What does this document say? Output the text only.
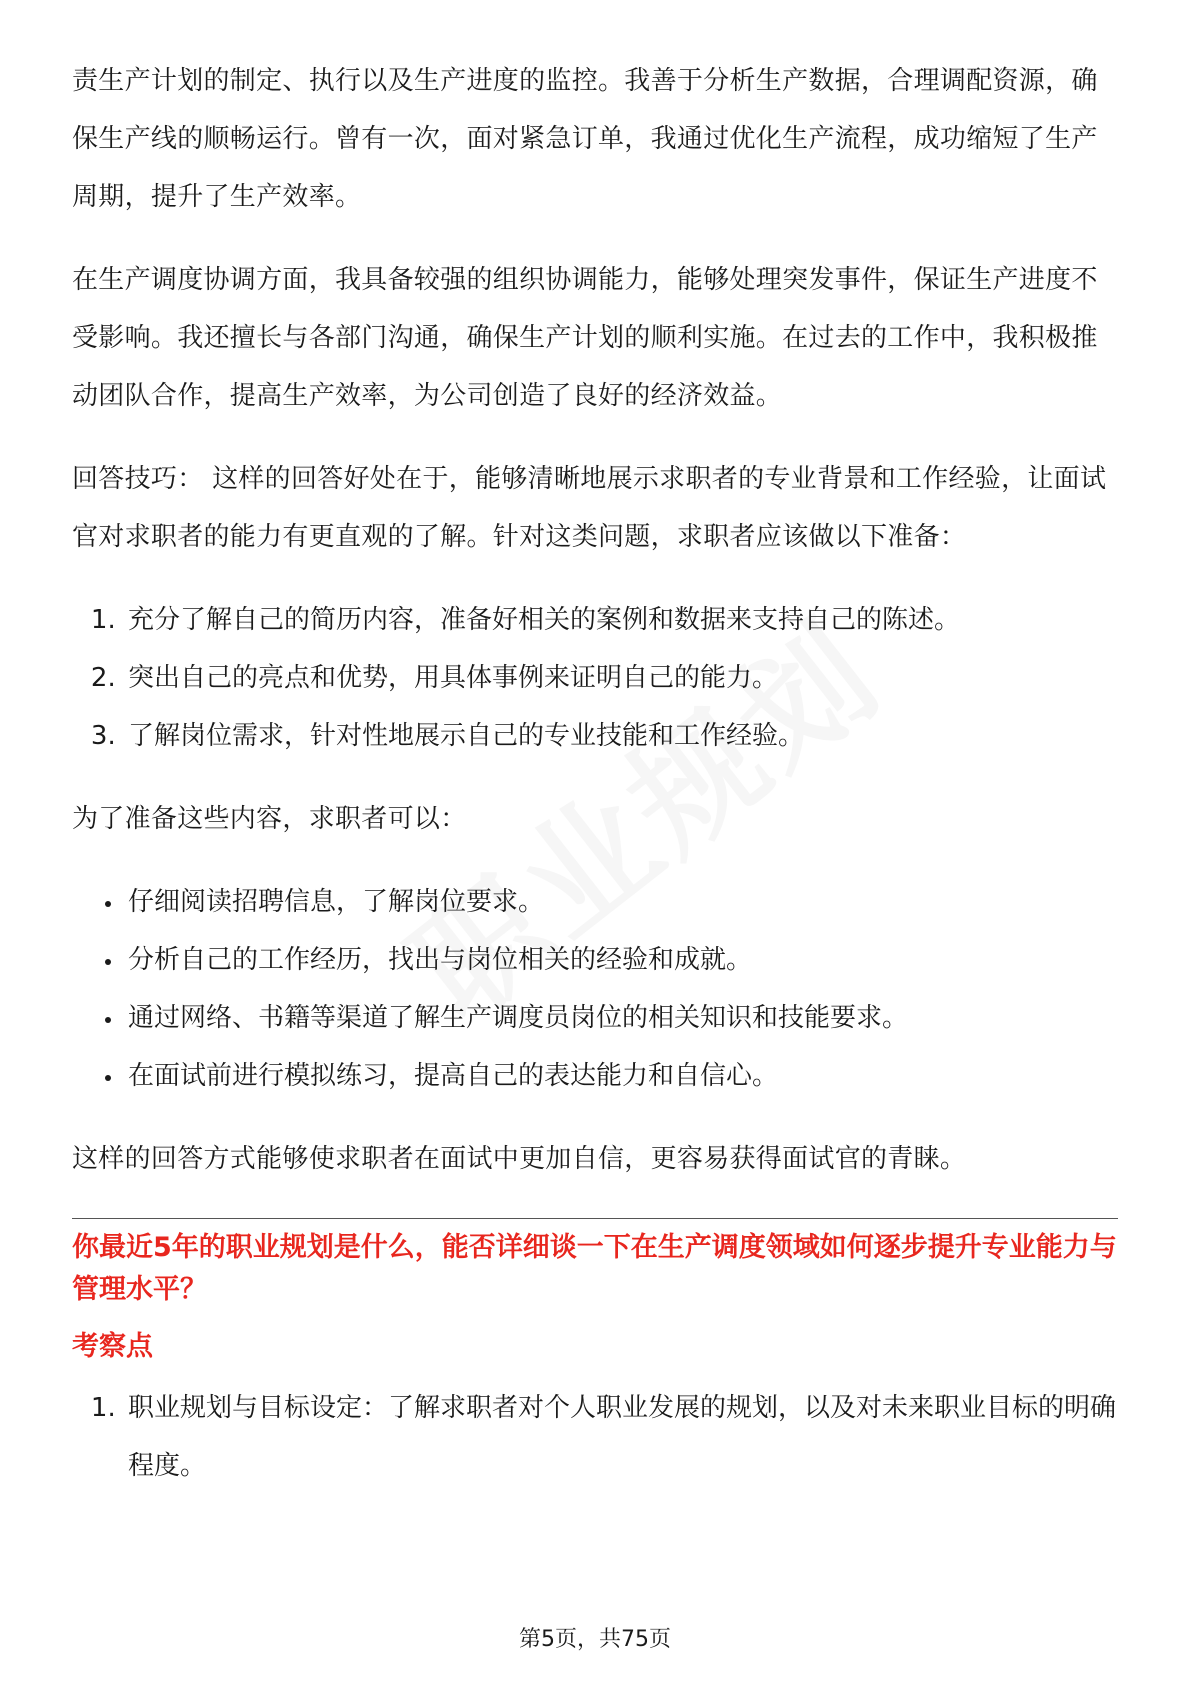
责生产计划的制定、执行以及生产进度的监控。我善于分析生产数据，合理调配资源，确保生产线的顺畅运行。曾有一次，面对紧急订单，我通过优化生产流程，成功缩短了生产周期，提升了生产效率。

在生产调度协调方面，我具备较强的组织协调能力，能够处理突发事件，保证生产进度不受影响。我还擅长与各部门沟通，确保生产计划的顺利实施。在过去的工作中，我积极推动团队合作，提高生产效率，为公司创造了良好的经济效益。

回答技巧： 这样的回答好处在于，能够清晰地展示求职者的专业背景和工作经验，让面试官对求职者的能力有更直观的了解。针对这类问题，求职者应该做以下准备：

1. 充分了解自己的简历内容，准备好相关的案例和数据来支持自己的陈述。
2. 突出自己的亮点和优势，用具体事例来证明自己的能力。
3. 了解岗位需求，针对性地展示自己的专业技能和工作经验。

为了准备这些内容，求职者可以：

• 仔细阅读招聘信息，了解岗位要求。
• 分析自己的工作经历，找出与岗位相关的经验和成就。
• 通过网络、书籍等渠道了解生产调度员岗位的相关知识和技能要求。
• 在面试前进行模拟练习，提高自己的表达能力和自信心。

这样的回答方式能够使求职者在面试中更加自信，更容易获得面试官的青睐。

你最近5年的职业规划是什么，能否详细谈一下在生产调度领域如何逐步提升专业能力与管理水平？
考察点
1. 职业规划与目标设定：了解求职者对个人职业发展的规划，以及对未来职业目标的明确程度。
第5页，共75页
